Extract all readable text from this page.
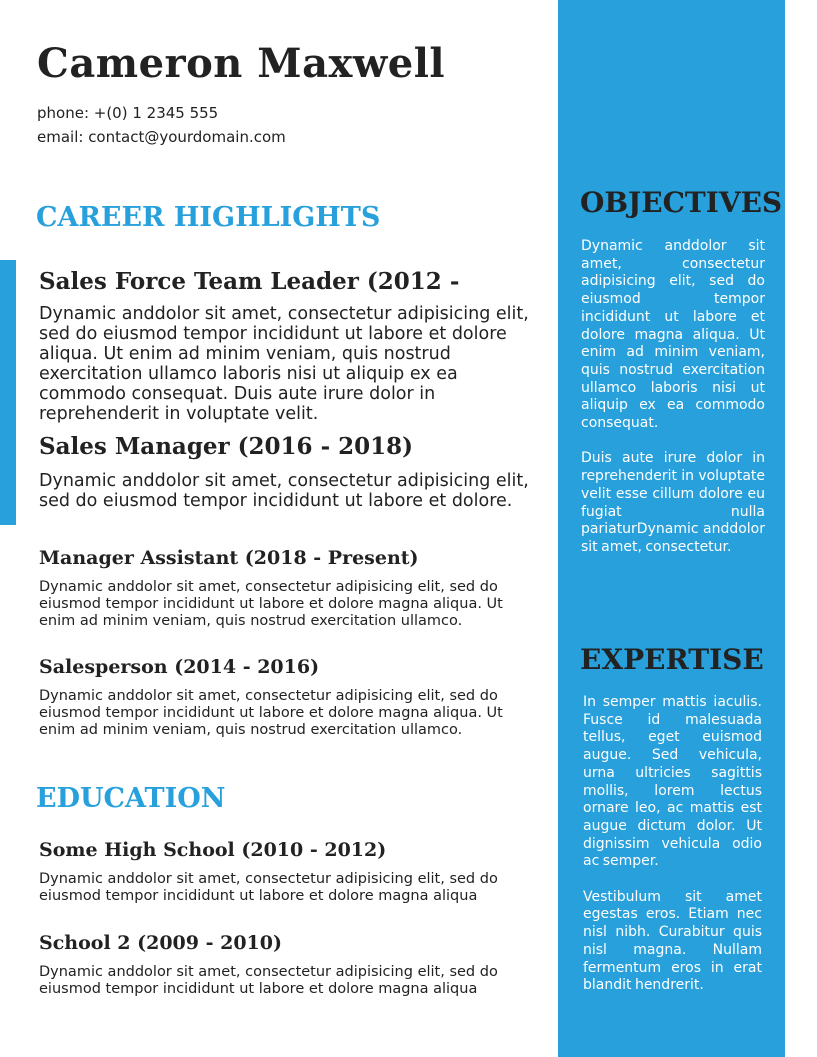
Cameron Maxwell
phone: +(0) 1 2345 555
email: contact@yourdomain.com
CAREER HIGHLIGHTS
Sales Force Team Leader (2012 -

Dynamic anddolor sit amet, consectetur adipisicing elit, sed do eiusmod tempor incididunt ut labore et dolore aliqua. Ut enim ad minim veniam, quis nostrud exercitation ullamco laboris nisi ut aliquip ex ea commodo consequat. Duis aute irure dolor in reprehenderit in voluptate velit.

Sales Manager (2016 - 2018)

Dynamic anddolor sit amet, consectetur adipisicing elit, sed do eiusmod tempor incididunt ut labore et dolore.

Manager Assistant (2018 - Present)

Dynamic anddolor sit amet, consectetur adipisicing elit, sed do eiusmod tempor incididunt ut labore et dolore magna aliqua. Ut enim ad minim veniam, quis nostrud exercitation ullamco.

Salesperson (2014 - 2016)

Dynamic anddolor sit amet, consectetur adipisicing elit, sed do eiusmod tempor incididunt ut labore et dolore magna aliqua. Ut enim ad minim veniam, quis nostrud exercitation ullamco.

EDUCATION
Some High School (2010 - 2012)

Dynamic anddolor sit amet, consectetur adipisicing elit, sed do eiusmod tempor incididunt ut labore et dolore magna aliqua

School 2 (2009 - 2010)

Dynamic anddolor sit amet, consectetur adipisicing elit, sed do eiusmod tempor incididunt ut labore et dolore magna aliqua

OBJECTIVES

Dynamic anddolor sit amet, consectetur adipisicing elit, sed do eiusmod tempor incididunt ut labore et dolore magna aliqua. Ut enim ad minim veniam, quis nostrud exercitation ullamco laboris nisi ut aliquip ex ea commodo consequat.

Duis aute irure dolor in reprehenderit in voluptate velit esse cillum dolore eu fugiat nulla pariaturDynamic anddolor sit amet, consectetur.

EXPERTISE

In semper mattis iaculis. Fusce id malesuada tellus, eget euismod augue. Sed vehicula, urna ultricies sagittis mollis, lorem lectus ornare leo, ac mattis est augue dictum dolor. Ut dignissim vehicula odio ac semper.

Vestibulum sit amet egestas eros. Etiam nec nisl nibh. Curabitur quis nisl magna. Nullam fermentum eros in erat blandit hendrerit.
